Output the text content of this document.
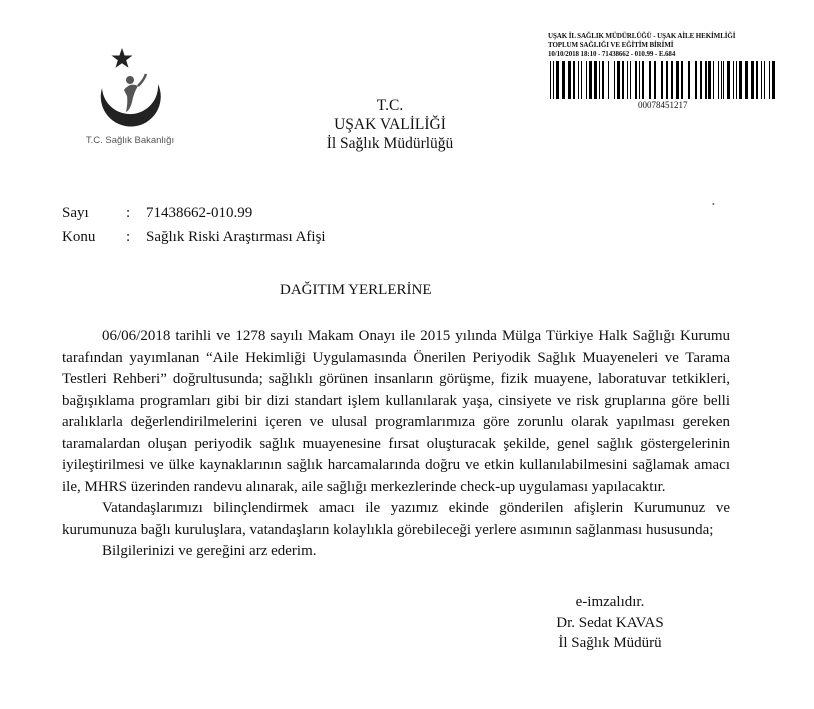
T.C. Sağlık Bakanlığı
UŞAK İL SAĞLIK MÜDÜRLÜĞÜ - UŞAK AİLE HEKİMLİĞİ
TOPLUM SAĞLIĞI VE EĞİTİM BİRİMİ
10/10/2018 18:10 - 71438662 - 010.99 - E.684
00078451217
T.C.
UŞAK VALİLİĞİ
İl Sağlık Müdürlüğü
•
Sayı : 71438662-010.99
Konu : Sağlık Riski Araştırması Afişi
DAĞITIM YERLERİNE

06/06/2018 tarihli ve 1278 sayılı Makam Onayı ile 2015 yılında Mülga Türkiye Halk Sağlığı Kurumu tarafından yayımlanan “Aile Hekimliği Uygulamasında Önerilen Periyodik Sağlık Muayeneleri ve Tarama Testleri Rehberi” doğrultusunda; sağlıklı görünen insanların görüşme, fizik muayene, laboratuvar tetkikleri, bağışıklama programları gibi bir dizi standart işlem kullanılarak yaşa, cinsiyete ve risk gruplarına göre belli aralıklarla değerlendirilmelerini içeren ve ulusal programlarımıza göre zorunlu olarak yapılması gereken taramalardan oluşan periyodik sağlık muayenesine fırsat oluşturacak şekilde, genel sağlık göstergelerinin iyileştirilmesi ve ülke kaynaklarının sağlık harcamalarında doğru ve etkin kullanılabilmesini sağlamak amacı ile, MHRS üzerinden randevu alınarak, aile sağlığı merkezlerinde check-up uygulaması yapılacaktır.

Vatandaşlarımızı bilinçlendirmek amacı ile yazımız ekinde gönderilen afişlerin Kurumunuz ve kurumunuza bağlı kuruluşlara, vatandaşların kolaylıkla görebileceği yerlere asımının sağlanması hususunda;

Bilgilerinizi ve gereğini arz ederim.

e-imzalıdır.
Dr. Sedat KAVAS
İl Sağlık Müdürü
